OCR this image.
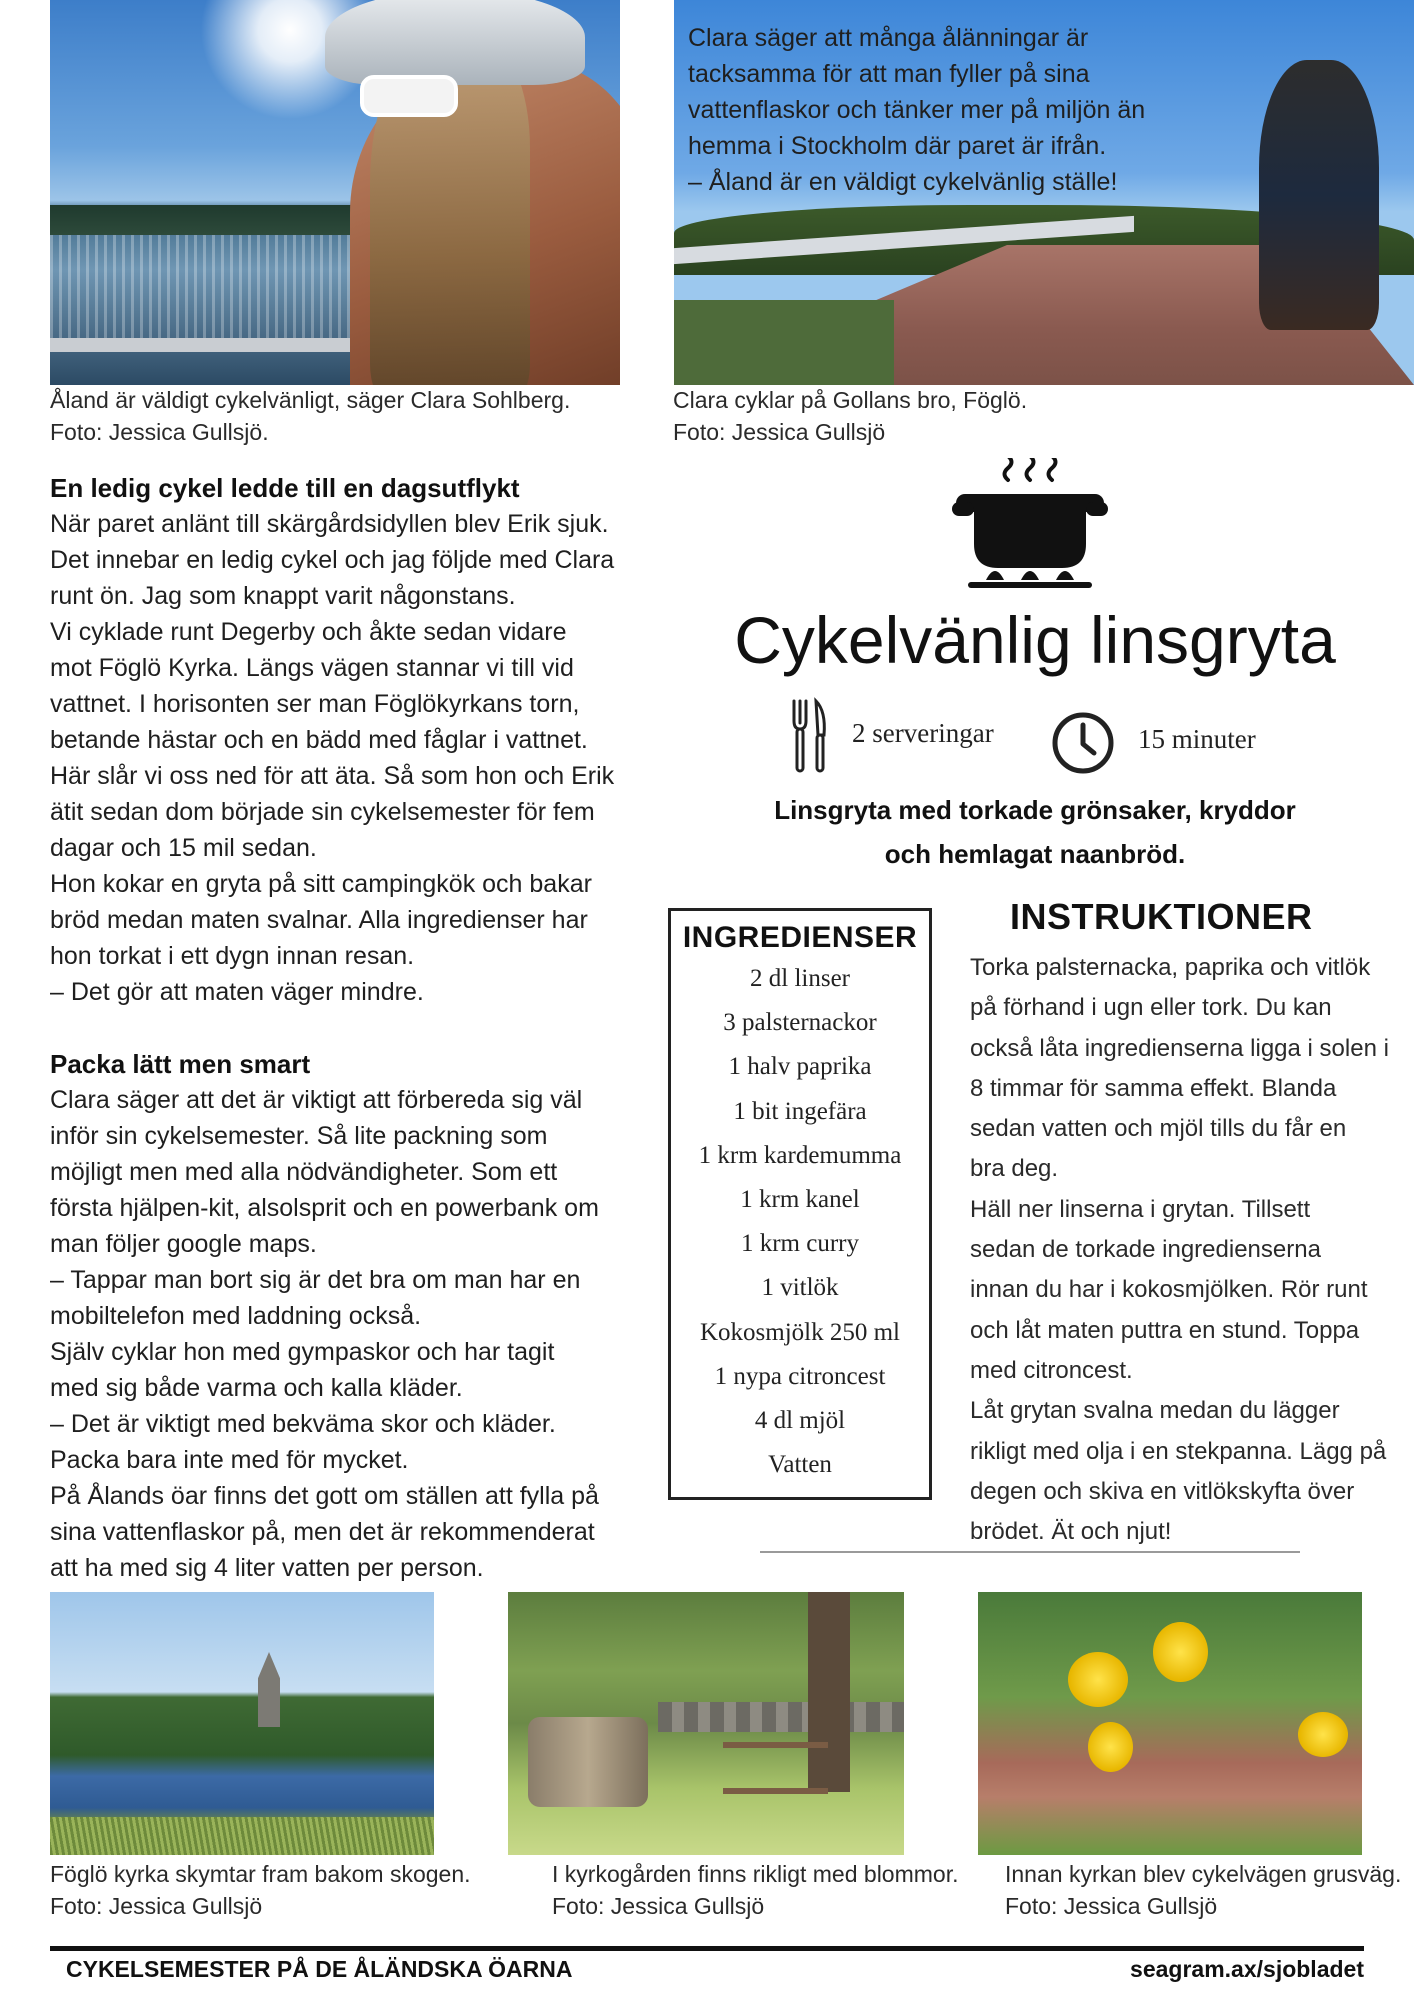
Clara säger att många ålänningar är

tacksamma för att man fyller på sina

vattenflaskor och tänker mer på miljön än

hemma i Stockholm där paret är ifrån.

– Åland är en väldigt cykelvänlig ställe!

Åland är väldigt cykelvänligt, säger Clara Sohlberg.
Foto: Jessica Gullsjö.
Clara cyklar på Gollans bro, Föglö.
Foto: Jessica Gullsjö
En ledig cykel ledde till en dagsutflykt

När paret anlänt till skärgårdsidyllen blev Erik sjuk.

Det innebar en ledig cykel och jag följde med Clara

runt ön. Jag som knappt varit någonstans.

Vi cyklade runt Degerby och åkte sedan vidare

mot Föglö Kyrka. Längs vägen stannar vi till vid

vattnet. I horisonten ser man Föglökyrkans torn,

betande hästar och en bädd med fåglar i vattnet.

Här slår vi oss ned för att äta. Så som hon och Erik

ätit sedan dom började sin cykelsemester för fem

dagar och 15 mil sedan.

Hon kokar en gryta på sitt campingkök och bakar

bröd medan maten svalnar. Alla ingredienser har

hon torkat i ett dygn innan resan.

– Det gör att maten väger mindre.

Packa lätt men smart

Clara säger att det är viktigt att förbereda sig väl

inför sin cykelsemester. Så lite packning som

möjligt men med alla nödvändigheter. Som ett

första hjälpen-kit, alsolsprit och en powerbank om

man följer google maps.

– Tappar man bort sig är det bra om man har en

mobiltelefon med laddning också.

Själv cyklar hon med gympaskor och har tagit

med sig både varma och kalla kläder.

– Det är viktigt med bekväma skor och kläder.

Packa bara inte med för mycket.

På Ålands öar finns det gott om ställen att fylla på

sina vattenflaskor på, men det är rekommenderat

att ha med sig 4 liter vatten per person.

Cykelvänlig linsgryta
2 serveringar	15 minuter
Linsgryta med torkade grönsaker, kryddor
och hemlagat naanbröd.
INGREDIENSER
2 dl linser
3 palsternackor
1 halv paprika
1 bit ingefära
1 krm kardemumma
1 krm kanel
1 krm curry
1 vitlök
Kokosmjölk 250 ml
1 nypa citroncest
4 dl mjöl
Vatten
INSTRUKTIONER

Torka palsternacka, paprika och vitlök

på förhand i ugn eller tork. Du kan

också låta ingredienserna ligga i solen i

8 timmar för samma effekt. Blanda

sedan vatten och mjöl tills du får en

bra deg.

Häll ner linserna i grytan. Tillsett

sedan de torkade ingredienserna

innan du har i kokosmjölken. Rör runt

och låt maten puttra en stund. Toppa

med citroncest.

Låt grytan svalna medan du lägger

rikligt med olja i en stekpanna. Lägg på

degen och skiva en vitlökskyfta över

brödet. Ät och njut!

Föglö kyrka skymtar fram bakom skogen.
Foto: Jessica Gullsjö
I kyrkogården finns rikligt med blommor.
Foto: Jessica Gullsjö
Innan kyrkan blev cykelvägen grusväg.
Foto: Jessica Gullsjö
CYKELSEMESTER PÅ DE ÅLÄNDSKA ÖARNA	seagram.ax/sjobladet
